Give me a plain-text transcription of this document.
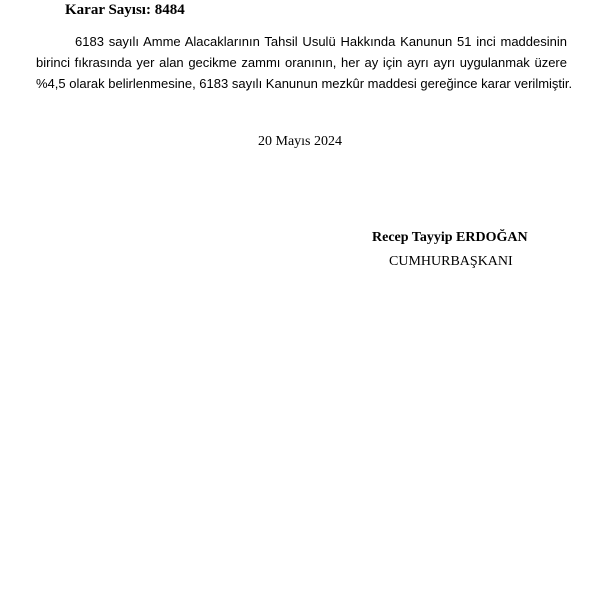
Karar Sayısı: 8484
6183 sayılı Amme Alacaklarının Tahsil Usulü Hakkında Kanunun 51 inci maddesinin
birinci fıkrasında yer alan gecikme zammı oranının, her ay için ayrı ayrı uygulanmak üzere
%4,5 olarak belirlenmesine, 6183 sayılı Kanunun mezkûr maddesi gereğince karar verilmiştir.
20 Mayıs 2024
Recep Tayyip ERDOĞAN
CUMHURBAŞKANI
